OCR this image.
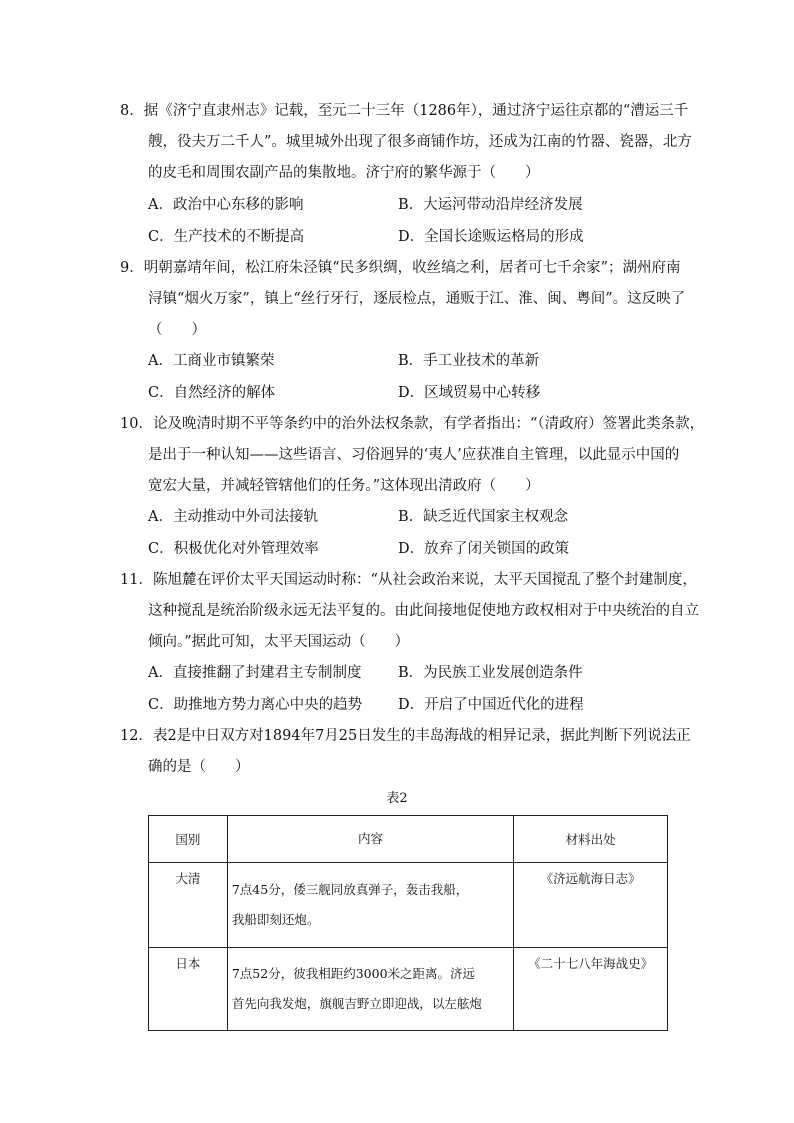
8．据《济宁直隶州志》记载，至元二十三年（1286年），通过济宁运往京都的“漕运三千
艘，役夫万二千人”。城里城外出现了很多商铺作坊，还成为江南的竹器、瓷器，北方
的皮毛和周围农副产品的集散地。济宁府的繁华源于（　　）
A．政治中心东移的影响	B．大运河带动沿岸经济发展
C．生产技术的不断提高	D．全国长途贩运格局的形成
9．明朝嘉靖年间，松江府朱泾镇“民多织绸，收丝缟之利，居者可七千余家”；湖州府南
浔镇“烟火万家”，镇上“丝行牙行，逐辰检点，通贩于江、淮、闽、粤间”。这反映了
（　　）
A．工商业市镇繁荣	B．手工业技术的革新
C．自然经济的解体	D．区域贸易中心转移
10．论及晚清时期不平等条约中的治外法权条款，有学者指出：“（清政府）签署此类条款，
是出于一种认知——这些语言、习俗迥异的‘夷人’应获准自主管理，以此显示中国的
宽宏大量，并减轻管辖他们的任务。”这体现出清政府（　　）
A．主动推动中外司法接轨	B．缺乏近代国家主权观念
C．积极优化对外管理效率	D．放弃了闭关锁国的政策
11．陈旭麓在评价太平天国运动时称：“从社会政治来说，太平天国搅乱了整个封建制度，
这种搅乱是统治阶级永远无法平复的。由此间接地促使地方政权相对于中央统治的自立
倾向。”据此可知，太平天国运动（　　）
A．直接推翻了封建君主专制制度	B．为民族工业发展创造条件
C．助推地方势力离心中央的趋势 D．开启了中国近代化的进程
12．表2是中日双方对1894年7月25日发生的丰岛海战的相异记录，据此判断下列说法正
确的是（　　）
表2
国别	内容	材料出处
大清	7点45分，倭三舰同放真弹子，轰击我船，
我船即刻还炮。	《济远航海日志》
日本	7点52分，彼我相距约3000米之距离。济远
首先向我发炮，旗舰吉野立即迎战，以左舷炮	《二十七八年海战史》
